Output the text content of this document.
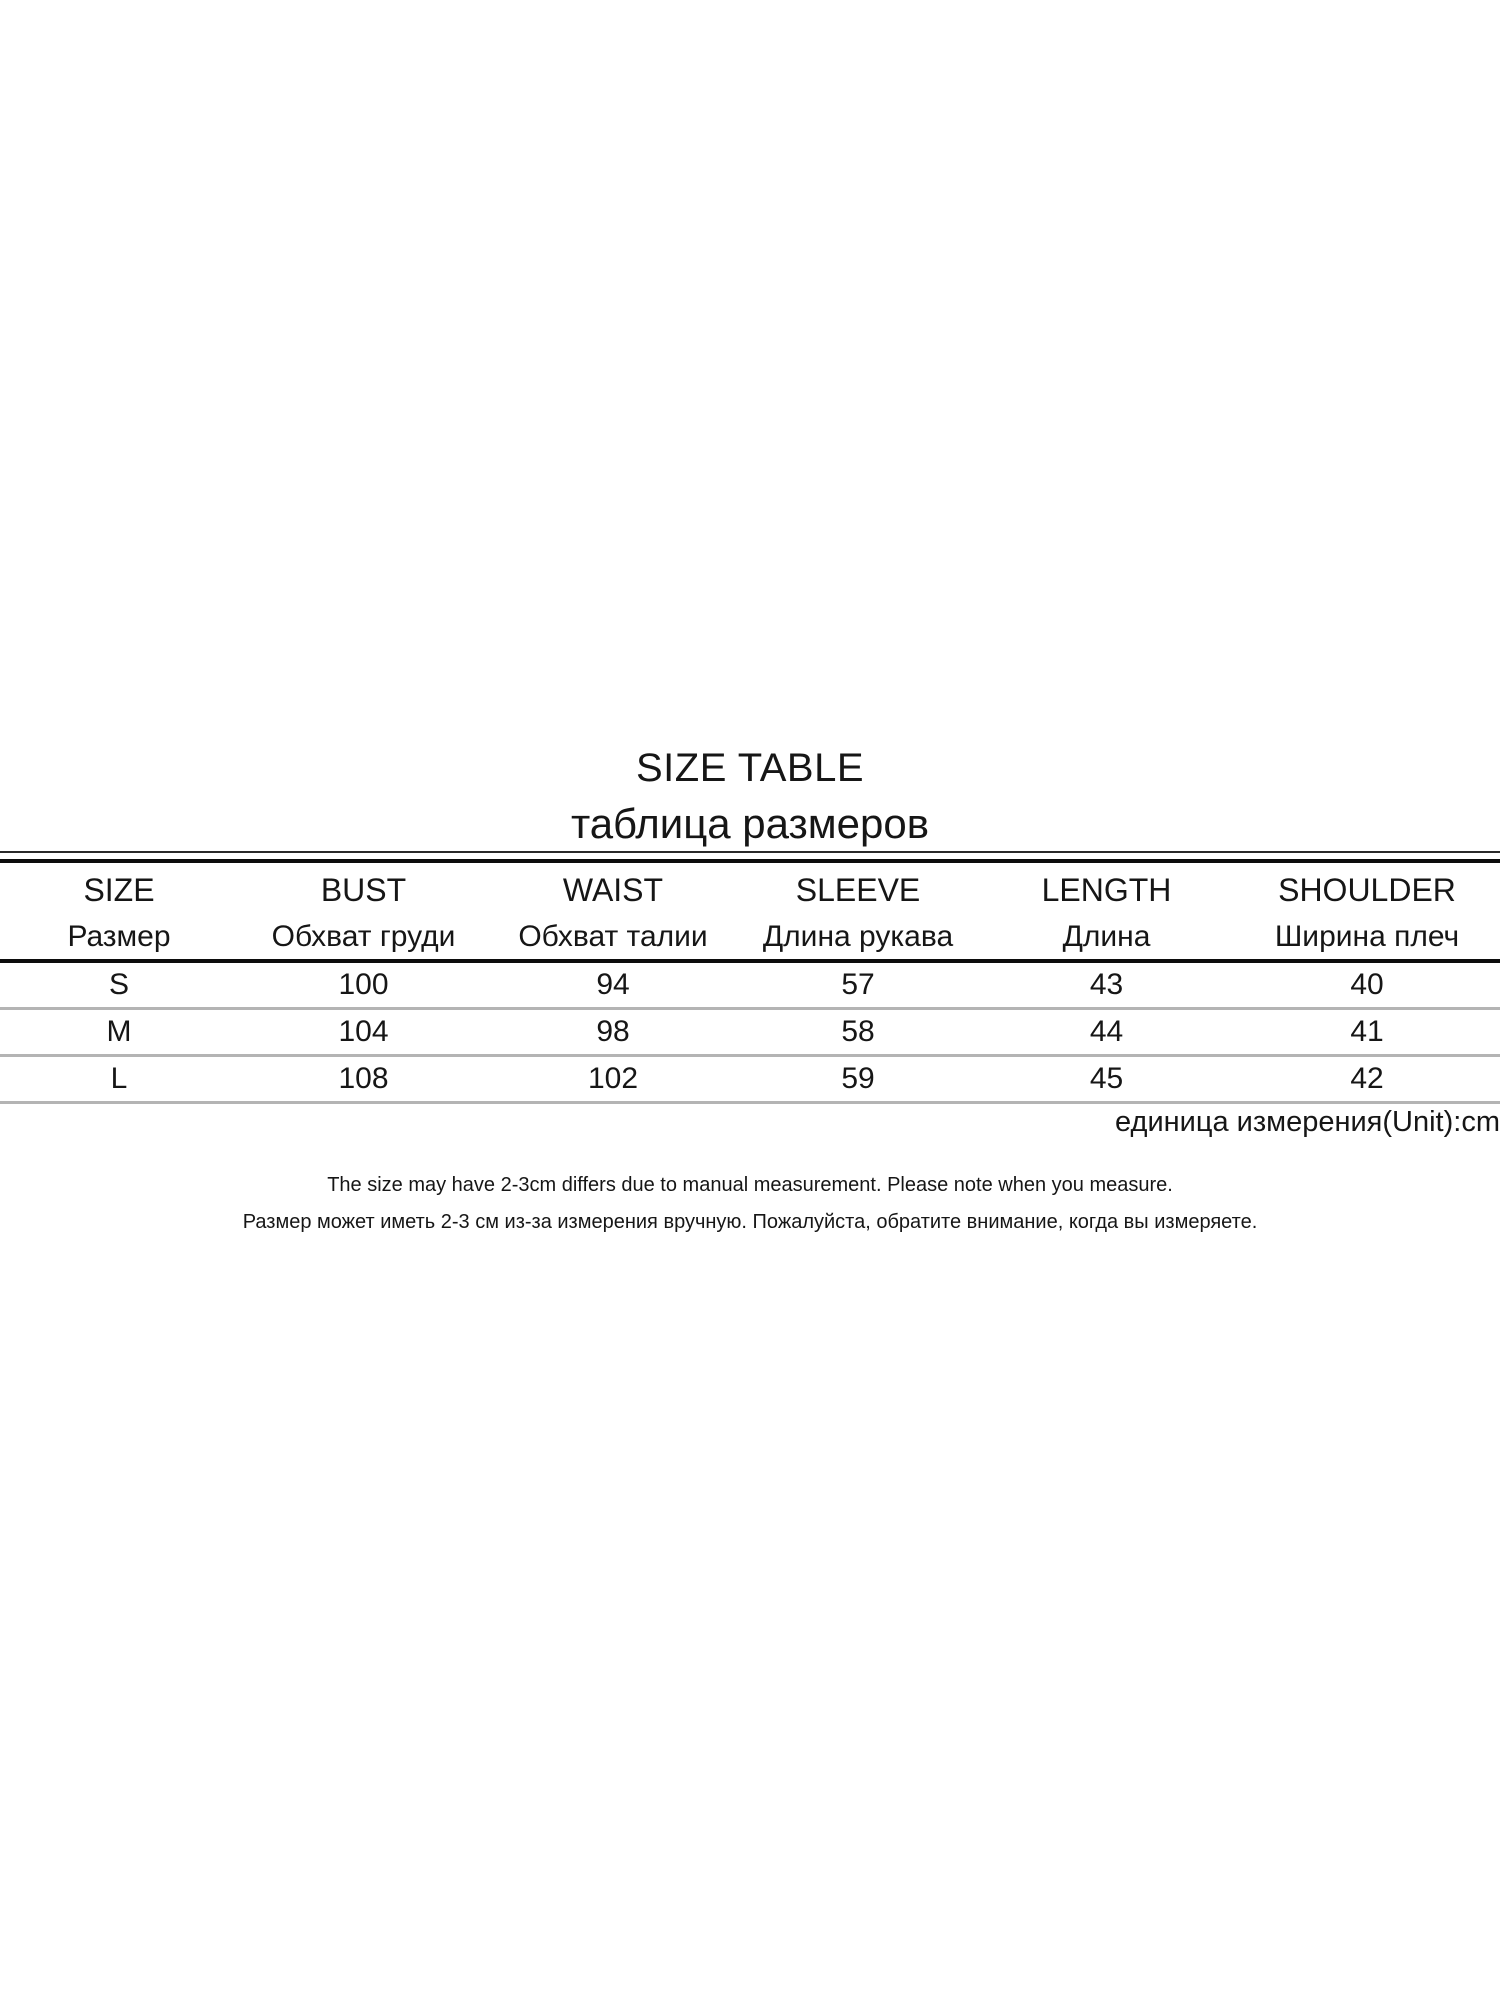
SIZE TABLE
таблица размеров
SIZE	BUST	WAIST	SLEEVE	LENGTH	SHOULDER
Размер	Обхват груди	Обхват талии	Длина рукава	Длина	Ширина плеч
S	100	94	57	43	40
M	104	98	58	44	41
L	108	102	59	45	42
единица измерения(Unit):cm
The size may have 2-3cm differs due to manual measurement. Please note when you measure.
Размер может иметь 2-3 см из-за измерения вручную. Пожалуйста, обратите внимание, когда вы измеряете.
